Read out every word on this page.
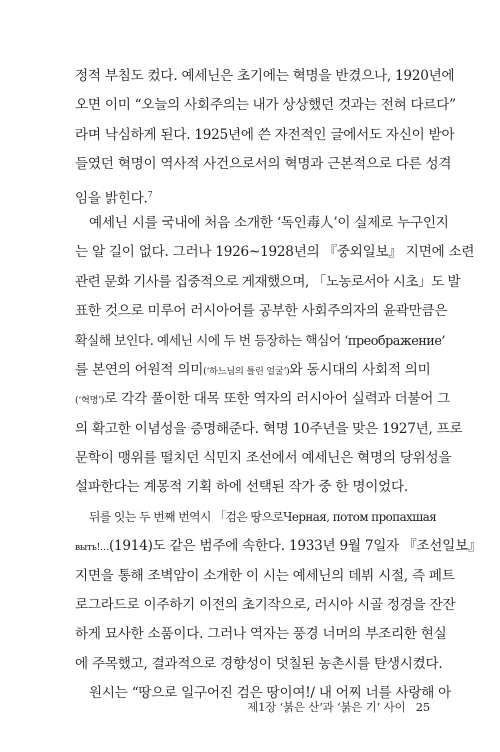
정적 부침도 컸다. 예세닌은 초기에는 혁명을 반겼으나, 1920년에
오면 이미 “오늘의 사회주의는 내가 상상했던 것과는 전혀 다르다”
라며 낙심하게 된다. 1925년에 쓴 자전적인 글에서도 자신이 받아
들였던 혁명이 역사적 사건으로서의 혁명과 근본적으로 다른 성격
임을 밝힌다.$^7$
예세닌 시를 국내에 처음 소개한 ‘독인毒人’이 실제로 누구인지
는 알 길이 없다. 그러나 1926~1928년의 『중외일보』 지면에 소련
관련 문화 기사를 집중적으로 게재했으며, 「노농로서아 시초」도 발
표한 것으로 미루어 러시아어를 공부한 사회주의자의 윤곽만큼은
확실해 보인다. 예세닌 시에 두 번 등장하는 핵심어 ‘преображение’
를 본연의 어원적 의미(‘하느님의 틀린 얼굴’)와 동시대의 사회적 의미
(‘혁명’)로 각각 풀이한 대목 또한 역자의 러시아어 실력과 더불어 그
의 확고한 이념성을 증명해준다. 혁명 10주년을 맞은 1927년, 프로
문학이 맹위를 떨치던 식민지 조선에서 예세닌은 혁명의 당위성을
설파한다는 계몽적 기획 하에 선택된 작가 중 한 명이었다.
뒤를 잇는 두 번째 번역시 「검은 땅으로Черная, потом пропахшая
выть!…(1914)도 같은 범주에 속한다. 1933년 9월 7일자 『조선일보』
지면을 통해 조벽암이 소개한 이 시는 예세닌의 데뷔 시절, 즉 페트
로그라드로 이주하기 이전의 초기작으로, 러시아 시골 정경을 잔잔
하게 묘사한 소품이다. 그러나 역자는 풍경 너머의 부조리한 현실
에 주목했고, 결과적으로 경향성이 덧칠된 농촌시를 탄생시켰다.
원시는 “땅으로 일구어진 검은 땅이여!/ 내 어찌 너를 사랑해 아
제1장 ‘붉은 산’과 ‘붉은 기’ 사이 25
